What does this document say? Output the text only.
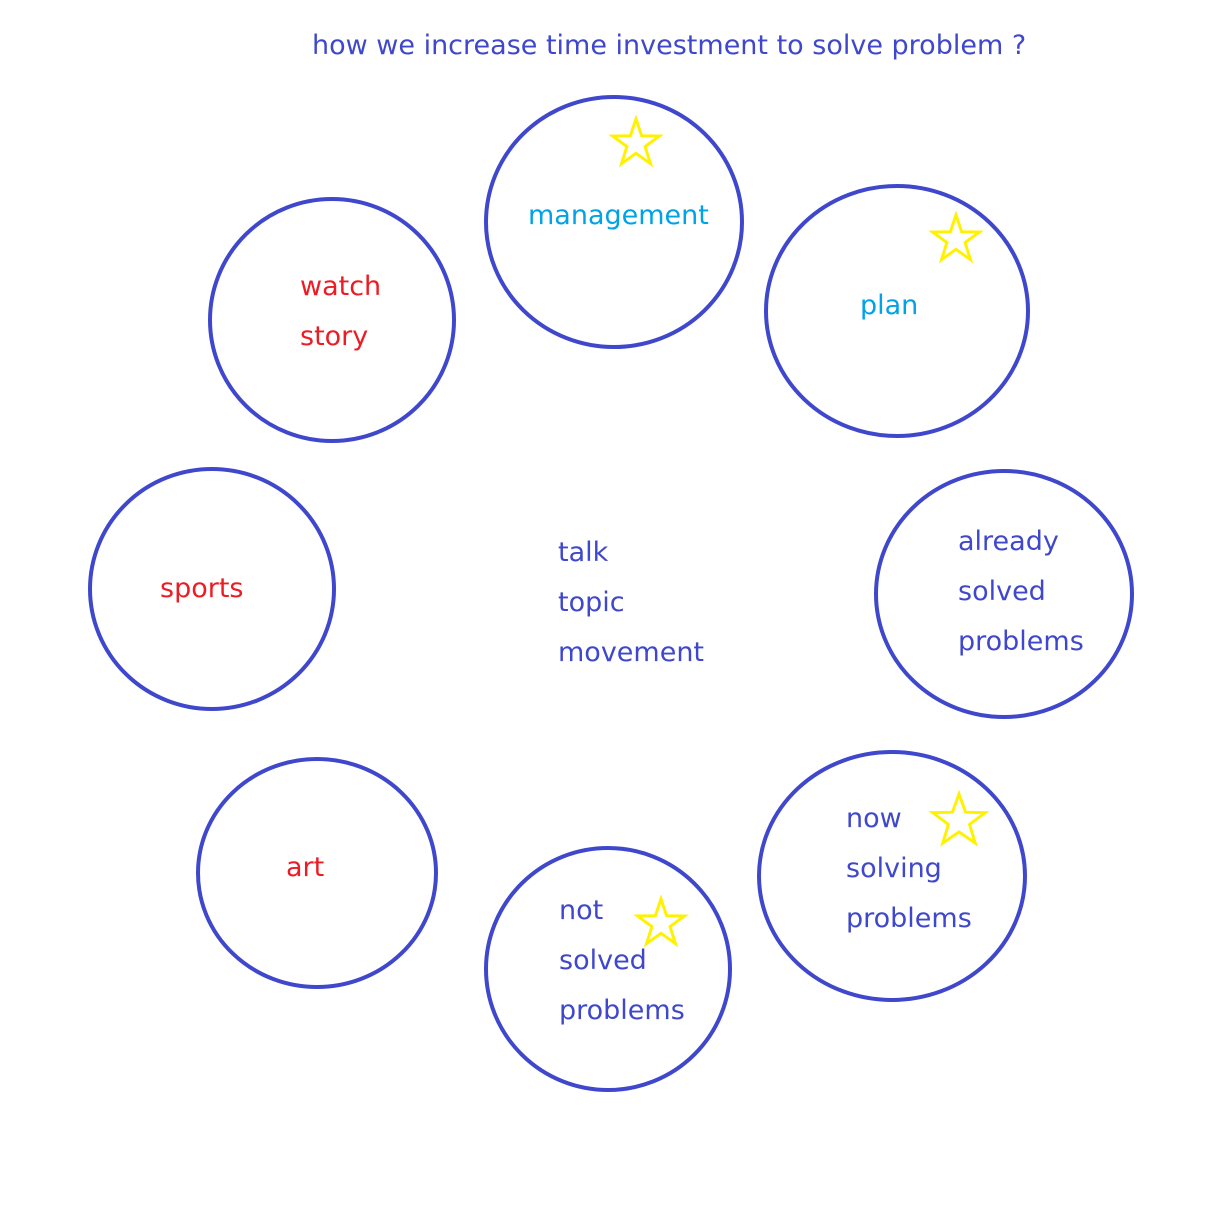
how we increase time investment to solve problem ?
management
plan
already
solved
problems
now
solving
problems
not
solved
problems
art
sports
watch
story
talk
topic
movement
